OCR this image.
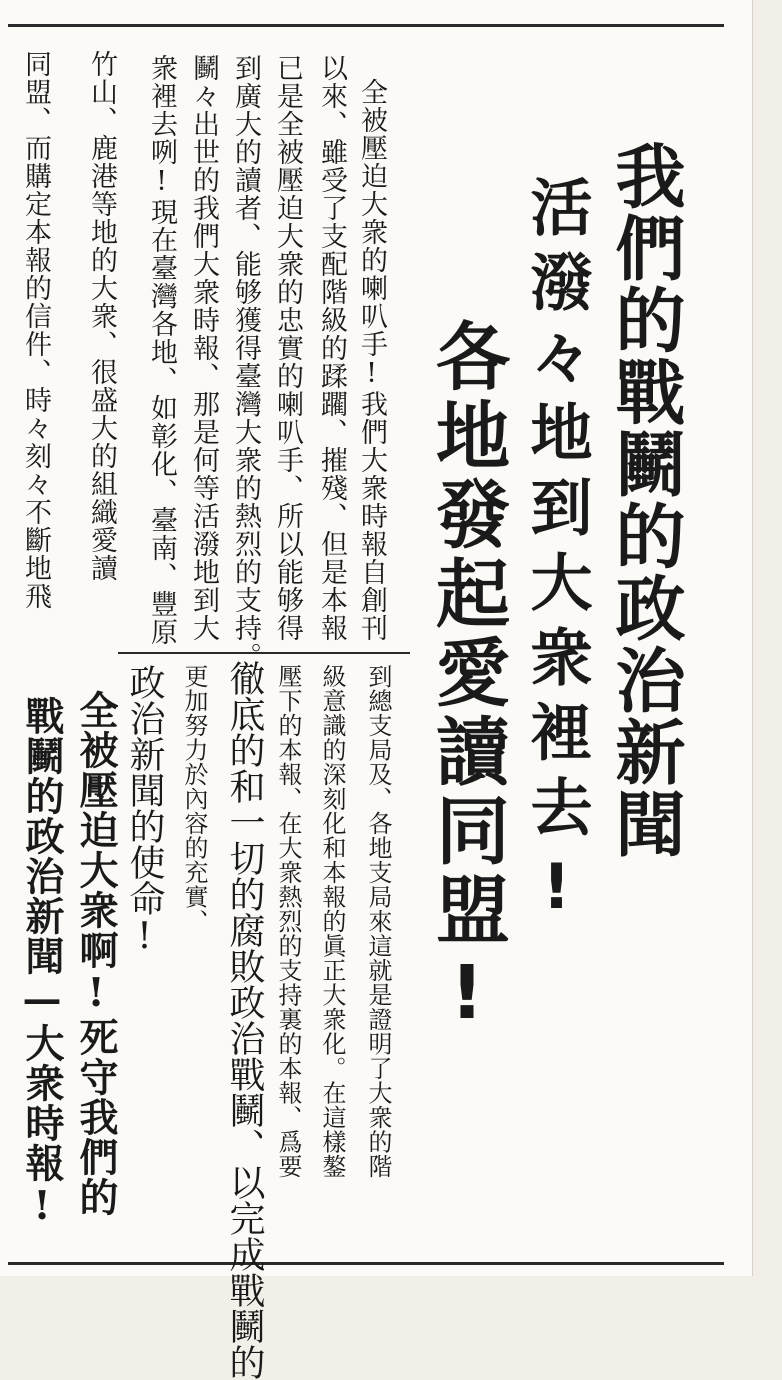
我們的戰鬭的政治新聞
活潑々地到大衆裡去!
各地發起愛讀同盟!
全被壓迫大衆的喇叭手!我們大衆時報自創刊
以來、雖受了支配階級的蹂躙、摧殘、但是本報
已是全被壓迫大衆的忠實的喇叭手、所以能够得
到廣大的讀者、能够獲得臺灣大衆的熱烈的支持。
鬭々出世的我們大衆時報、那是何等活潑地到大
衆裡去咧!現在臺灣各地、如彰化、臺南、豐原
竹山、鹿港等地的大衆、很盛大的組織愛讀
同盟、而購定本報的信件、時々刻々不斷地飛
到總支局及、各地支局來這就是證明了大衆的階
級意識的深刻化和本報的眞正大衆化。在這樣鏊
壓下的本報、在大衆熱烈的支持裏的本報、爲要
徹底的和一切的腐敗政治戰鬭、以完成戰鬭的
更加努力於內容的充實、
政治新聞的使命!
全被壓迫大衆啊!死守我們的
戰鬭的政治新聞—大衆時報!
